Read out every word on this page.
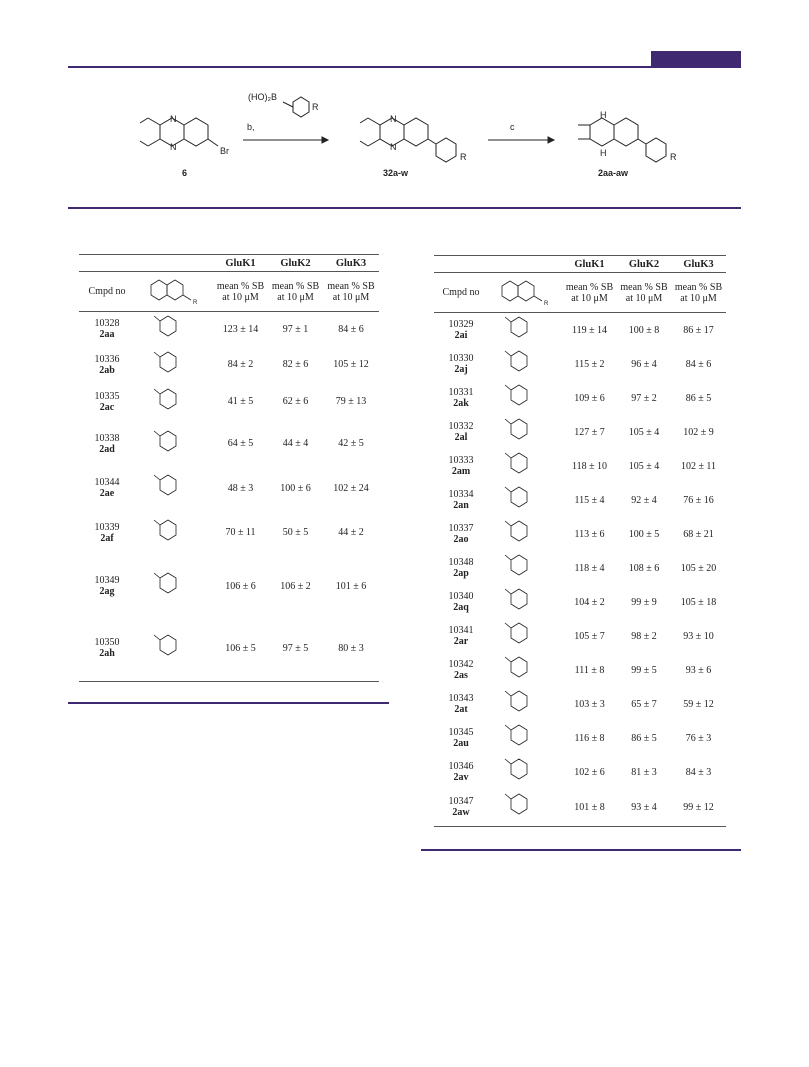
(HO)₂B
R
b,	c
Br
N
N
N
N
R
H
H	R
6	32a-w	2aa-aw
		GluK1	GluK2	GluK3
Cmpd no	R	mean % SB at 10 μM	mean % SB at 10 μM	mean % SB at 10 μM
10328
2aa		123 ± 14	97 ± 1	84 ± 6
10336
2ab		84 ± 2	82 ± 6	105 ± 12
10335
2ac		41 ± 5	62 ± 6	79 ± 13
10338
2ad		64 ± 5	44 ± 4	42 ± 5
10344
2ae		48 ± 3	100 ± 6	102 ± 24
10339
2af		70 ± 11	50 ± 5	44 ± 2
10349
2ag		106 ± 6	106 ± 2	101 ± 6
10350
2ah		106 ± 5	97 ± 5	80 ± 3
		GluK1	GluK2	GluK3
Cmpd no	R	mean % SB at 10 μM	mean % SB at 10 μM	mean % SB at 10 μM
10329
2ai		119 ± 14	100 ± 8	86 ± 17
10330
2aj		115 ± 2	96 ± 4	84 ± 6
10331
2ak		109 ± 6	97 ± 2	86 ± 5
10332
2al		127 ± 7	105 ± 4	102 ± 9
10333
2am		118 ± 10	105 ± 4	102 ± 11
10334
2an		115 ± 4	92 ± 4	76 ± 16
10337
2ao		113 ± 6	100 ± 5	68 ± 21
10348
2ap		118 ± 4	108 ± 6	105 ± 20
10340
2aq		104 ± 2	99 ± 9	105 ± 18
10341
2ar		105 ± 7	98 ± 2	93 ± 10
10342
2as		111 ± 8	99 ± 5	93 ± 6
10343
2at		103 ± 3	65 ± 7	59 ± 12
10345
2au		116 ± 8	86 ± 5	76 ± 3
10346
2av		102 ± 6	81 ± 3	84 ± 3
10347
2aw		101 ± 8	93 ± 4	99 ± 12
